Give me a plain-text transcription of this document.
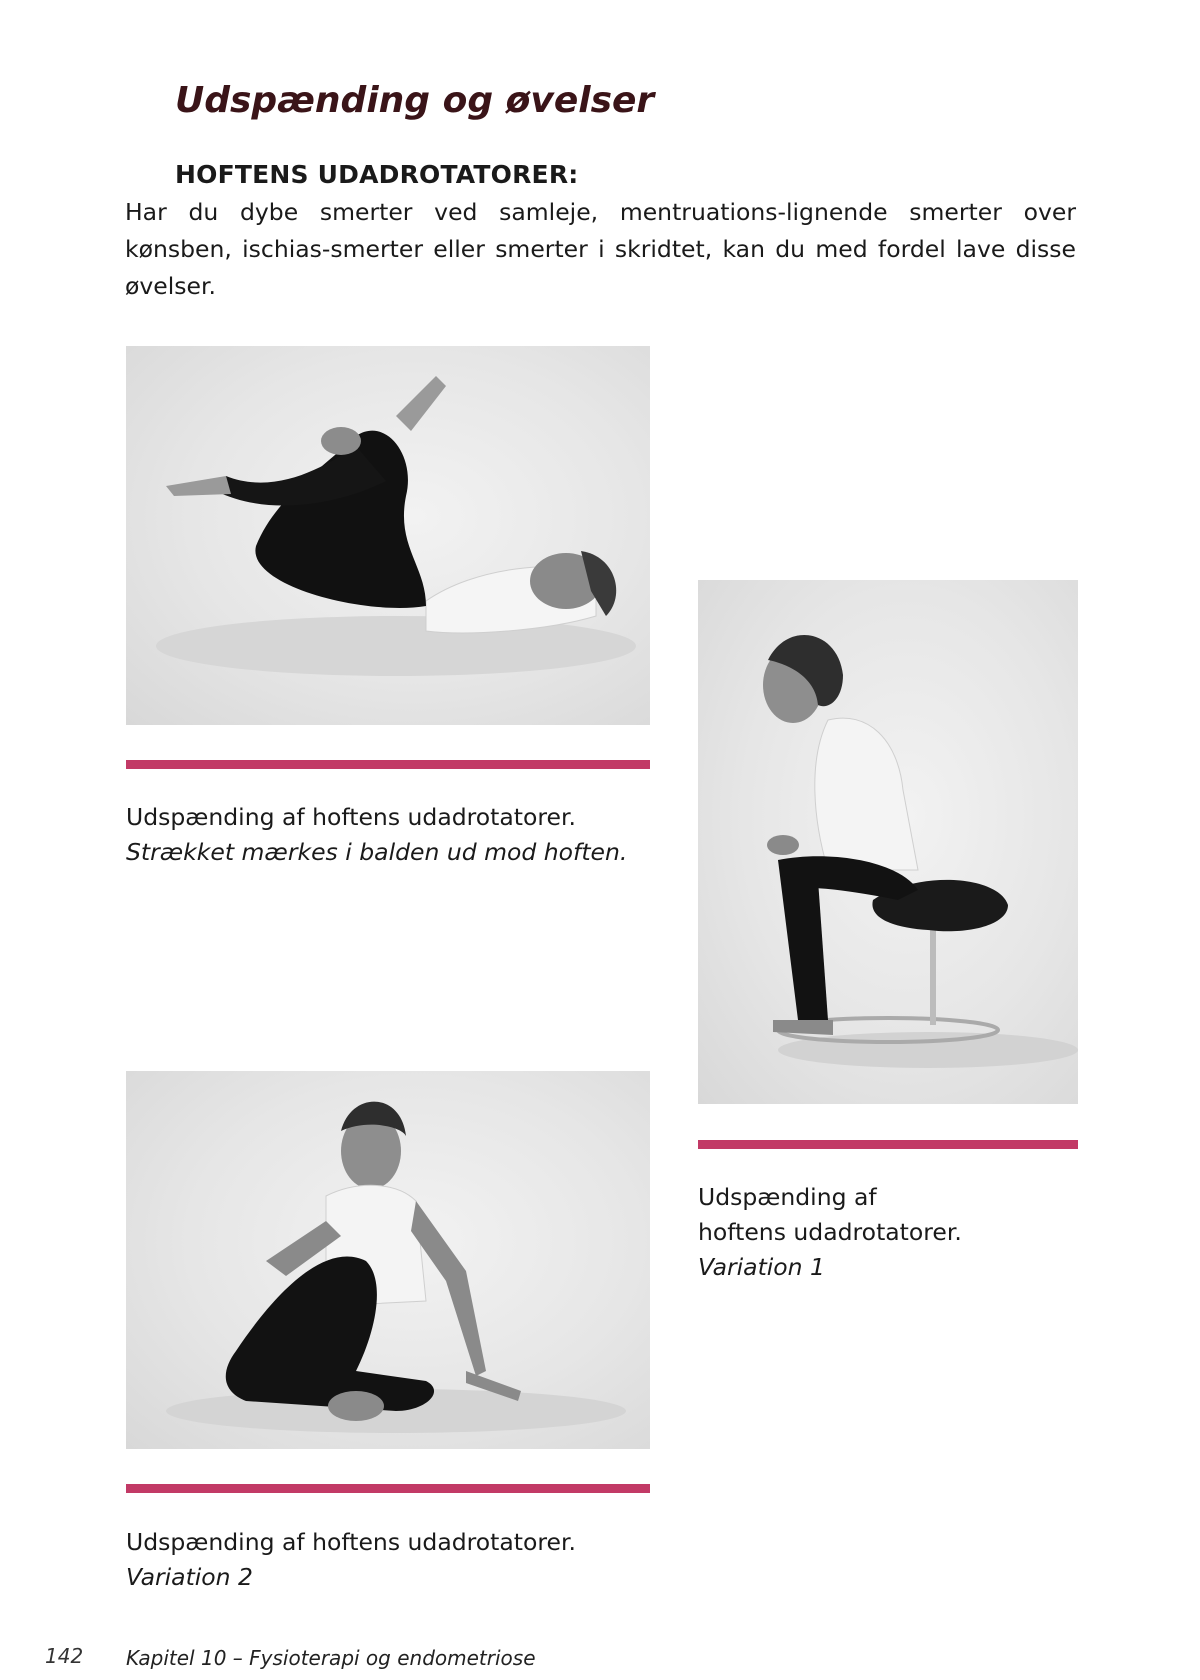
Udspænding og øvelser
HOFTENS UDADROTATORER:

Har du dybe smerter ved samleje, mentruations-lignende smerter over kønsben, ischias-smerter eller smerter i skridtet, kan du med fordel lave disse øvelser.

Udspænding af hoftens udadrotatorer.
Strækket mærkes i balden ud mod hoften.

Udspænding af
hoftens udadrotatorer.
Variation 1

Udspænding af hoftens udadrotatorer.
Variation 2

142 Kapitel 10 – Fysioterapi og endometriose
